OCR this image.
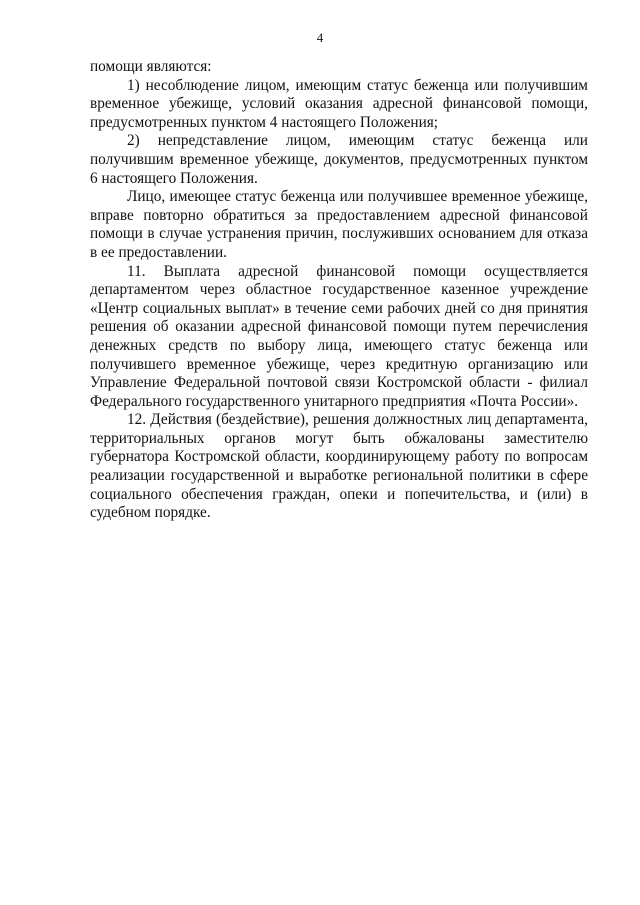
4

помощи являются:

1) несоблюдение лицом, имеющим статус беженца или получившим временное убежище, условий оказания адресной финансовой помощи, предусмотренных пунктом 4 настоящего Положения;

2) непредставление лицом, имеющим статус беженца или получившим временное убежище, документов, предусмотренных пунктом 6 настоящего Положения.

Лицо, имеющее статус беженца или получившее временное убежище, вправе повторно обратиться за предоставлением адресной финансовой помощи в случае устранения причин, послуживших основанием для отказа в ее предоставлении.

11. Выплата адресной финансовой помощи осуществляется департаментом через областное государственное казенное учреждение «Центр социальных выплат» в течение семи рабочих дней со дня принятия решения об оказании адресной финансовой помощи путем перечисления денежных средств по выбору лица, имеющего статус беженца или получившего временное убежище, через кредитную организацию или Управление Федеральной почтовой связи Костромской области - филиал Федерального государственного унитарного предприятия «Почта России».

12. Действия (бездействие), решения должностных лиц департамента, территориальных органов могут быть обжалованы заместителю губернатора Костромской области, координирующему работу по вопросам реализации государственной и выработке региональной политики в сфере социального обеспечения граждан, опеки и попечительства, и (или) в судебном порядке.
